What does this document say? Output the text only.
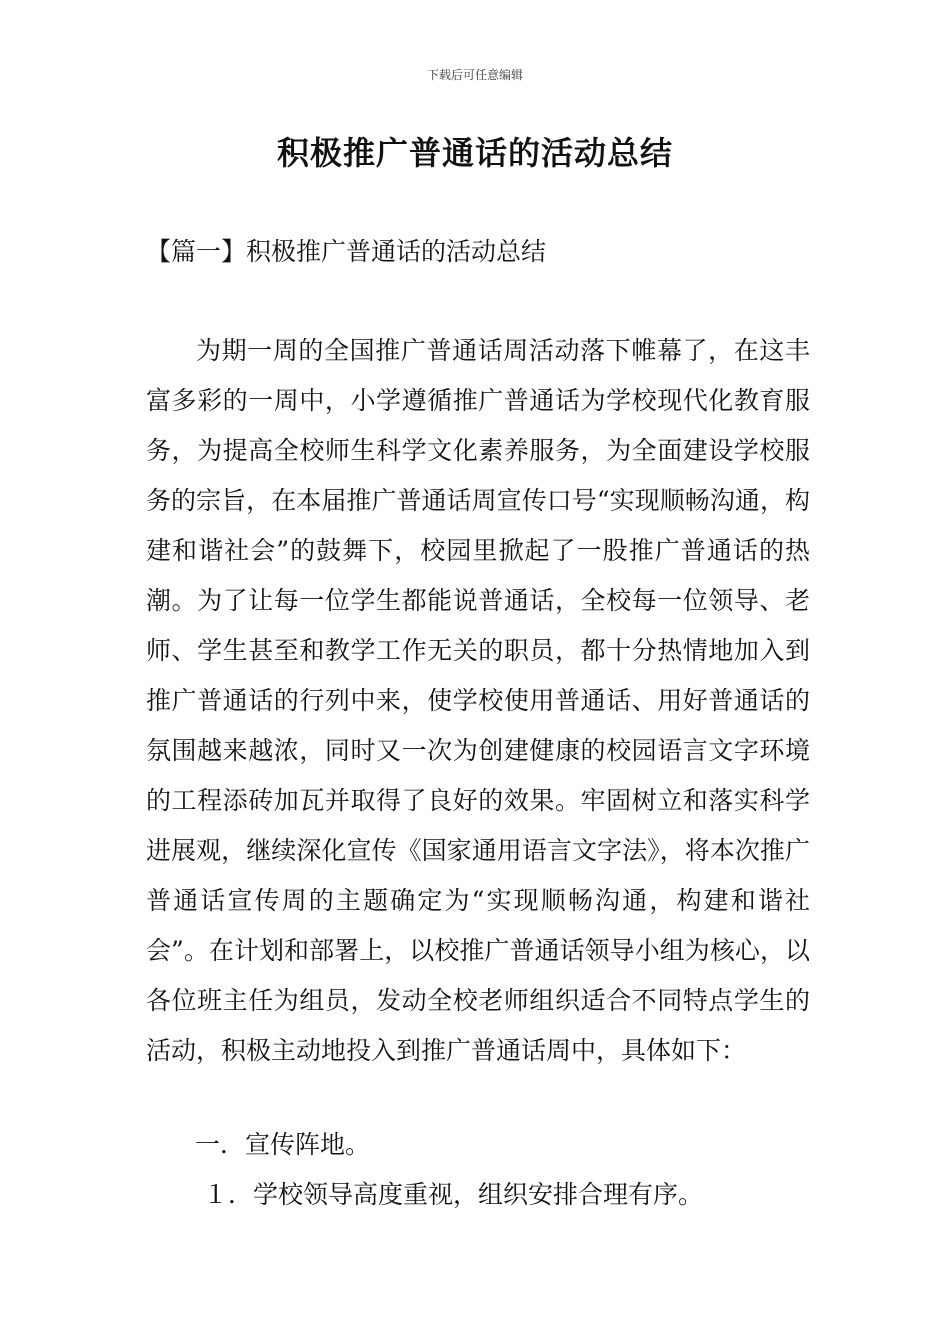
下载后可任意编辑
积极推广普通话的活动总结
【篇一】积极推广普通话的活动总结

为期一周的全国推广普通话周活动落下帷幕了，在这丰富多彩的一周中，小学遵循推广普通话为学校现代化教育服务，为提高全校师生科学文化素养服务，为全面建设学校服务的宗旨，在本届推广普通话周宣传口号“实现顺畅沟通，构建和谐社会”的鼓舞下，校园里掀起了一股推广普通话的热潮。为了让每一位学生都能说普通话，全校每一位领导、老师、学生甚至和教学工作无关的职员，都十分热情地加入到推广普通话的行列中来，使学校使用普通话、用好普通话的氛围越来越浓，同时又一次为创建健康的校园语言文字环境的工程添砖加瓦并取得了良好的效果。牢固树立和落实科学进展观，继续深化宣传《国家通用语言文字法》，将本次推广普通话宣传周的主题确定为“实现顺畅沟通，构建和谐社会”。在计划和部署上，以校推广普通话领导小组为核心，以各位班主任为组员，发动全校老师组织适合不同特点学生的活动，积极主动地投入到推广普通话周中，具体如下：

一．宣传阵地。

１．学校领导高度重视，组织安排合理有序。
